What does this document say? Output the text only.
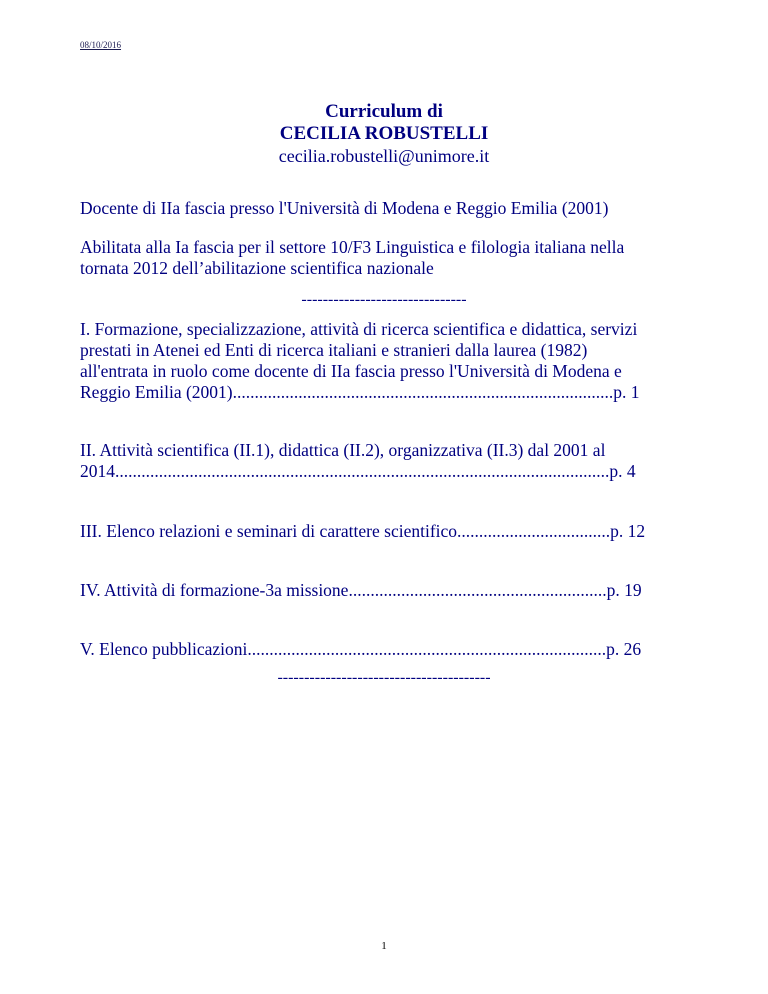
08/10/2016

Curriculum di

CECILIA ROBUSTELLI

cecilia.robustelli@unimore.it

Docente di IIa fascia presso l'Università di Modena e Reggio Emilia (2001)

Abilitata alla Ia fascia per il settore 10/F3 Linguistica e filologia italiana nella
tornata 2012 dell’abilitazione scientifica nazionale

-------------------------------

I. Formazione, specializzazione, attività di ricerca scientifica e didattica, servizi
prestati in Atenei ed Enti di ricerca italiani e stranieri dalla laurea (1982)
all'entrata in ruolo come docente di IIa fascia presso l'Università di Modena e
Reggio Emilia (2001).......................................................................................p. 1
II. Attività scientifica (II.1), didattica (II.2), organizzativa (II.3) dal 2001 al
2014.................................................................................................................p. 4

III. Elenco relazioni e seminari di carattere scientifico...................................p. 12

IV. Attività di formazione-3a missione...........................................................p. 19

V. Elenco pubblicazioni..................................................................................p. 26

----------------------------------------

1
